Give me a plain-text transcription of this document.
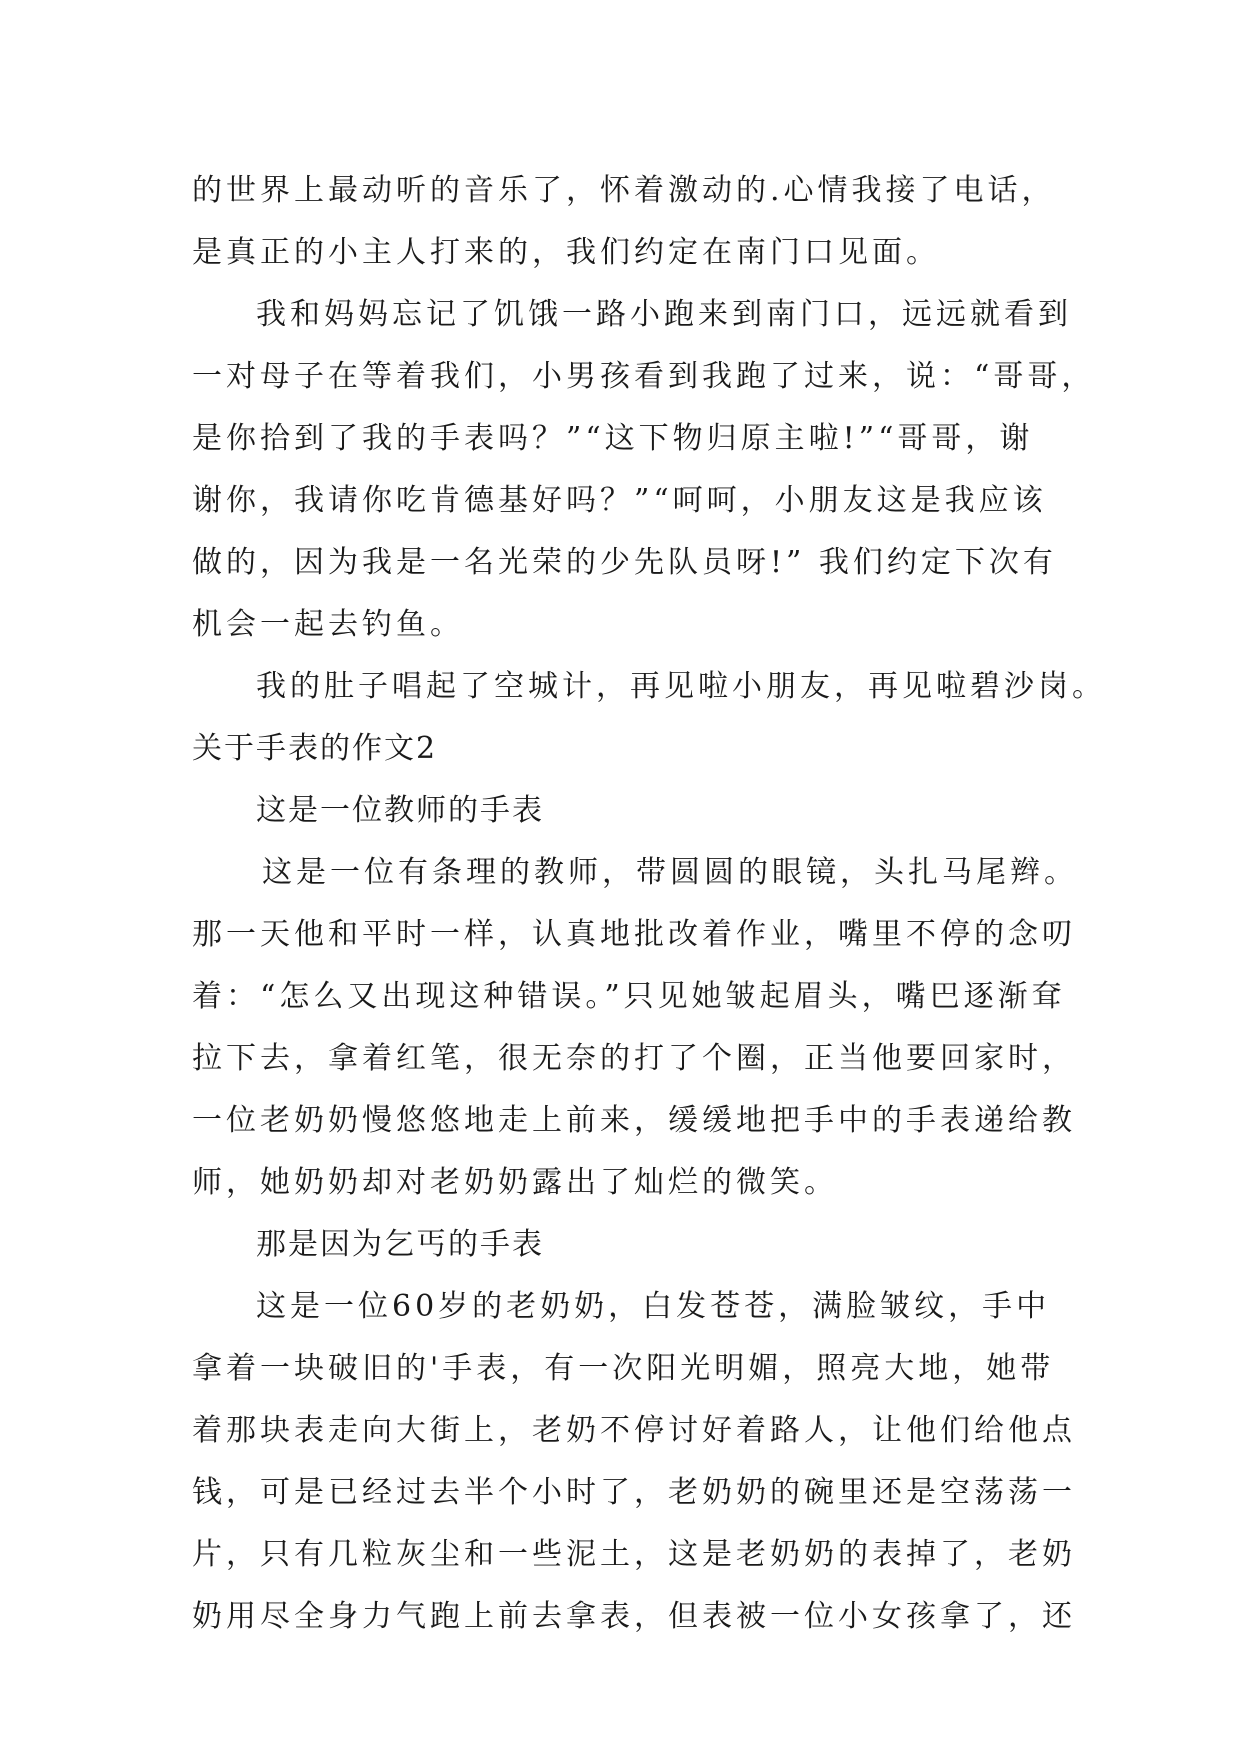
的世界上最动听的音乐了，怀着激动的.心情我接了电话，
是真正的小主人打来的，我们约定在南门口见面。
我和妈妈忘记了饥饿一路小跑来到南门口，远远就看到
一对母子在等着我们，小男孩看到我跑了过来，说：“哥哥，
是你拾到了我的手表吗？”“这下物归原主啦!”“哥哥，谢
谢你，我请你吃肯德基好吗？”“呵呵，小朋友这是我应该
做的，因为我是一名光荣的少先队员呀!” 我们约定下次有
机会一起去钓鱼。
我的肚子唱起了空城计，再见啦小朋友，再见啦碧沙岗。
关于手表的作文2
这是一位教师的手表
这是一位有条理的教师，带圆圆的眼镜，头扎马尾辫。
那一天他和平时一样，认真地批改着作业，嘴里不停的念叨
着：“怎么又出现这种错误。”只见她皱起眉头，嘴巴逐渐耷
拉下去，拿着红笔，很无奈的打了个圈，正当他要回家时，
一位老奶奶慢悠悠地走上前来，缓缓地把手中的手表递给教
师，她奶奶却对老奶奶露出了灿烂的微笑。
那是因为乞丐的手表
这是一位60岁的老奶奶，白发苍苍，满脸皱纹，手中
拿着一块破旧的'手表，有一次阳光明媚，照亮大地，她带
着那块表走向大街上，老奶不停讨好着路人，让他们给他点
钱，可是已经过去半个小时了，老奶奶的碗里还是空荡荡一
片，只有几粒灰尘和一些泥土，这是老奶奶的表掉了，老奶
奶用尽全身力气跑上前去拿表，但表被一位小女孩拿了，还
